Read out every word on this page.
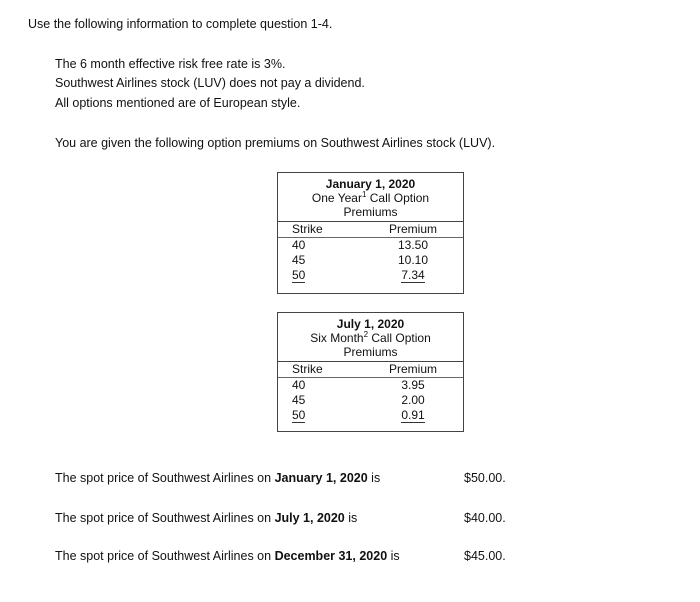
Use the following information to complete question 1-4.
The 6 month effective risk free rate is 3%.
Southwest Airlines stock (LUV) does not pay a dividend.
All options mentioned are of European style.
You are given the following option premiums on Southwest Airlines stock (LUV).
January 1, 2020
One Year$^1$ Call Option
Premiums
Strike	Premium
40	13.50
45	10.10
50	7.34
July 1, 2020
Six Month$^2$ Call Option
Premiums
Strike	Premium
40	3.95
45	2.00
50	0.91
The spot price of Southwest Airlines on January 1, 2020 is	$50.00.
The spot price of Southwest Airlines on July 1, 2020 is	$40.00.
The spot price of Southwest Airlines on December 31, 2020 is	$45.00.
